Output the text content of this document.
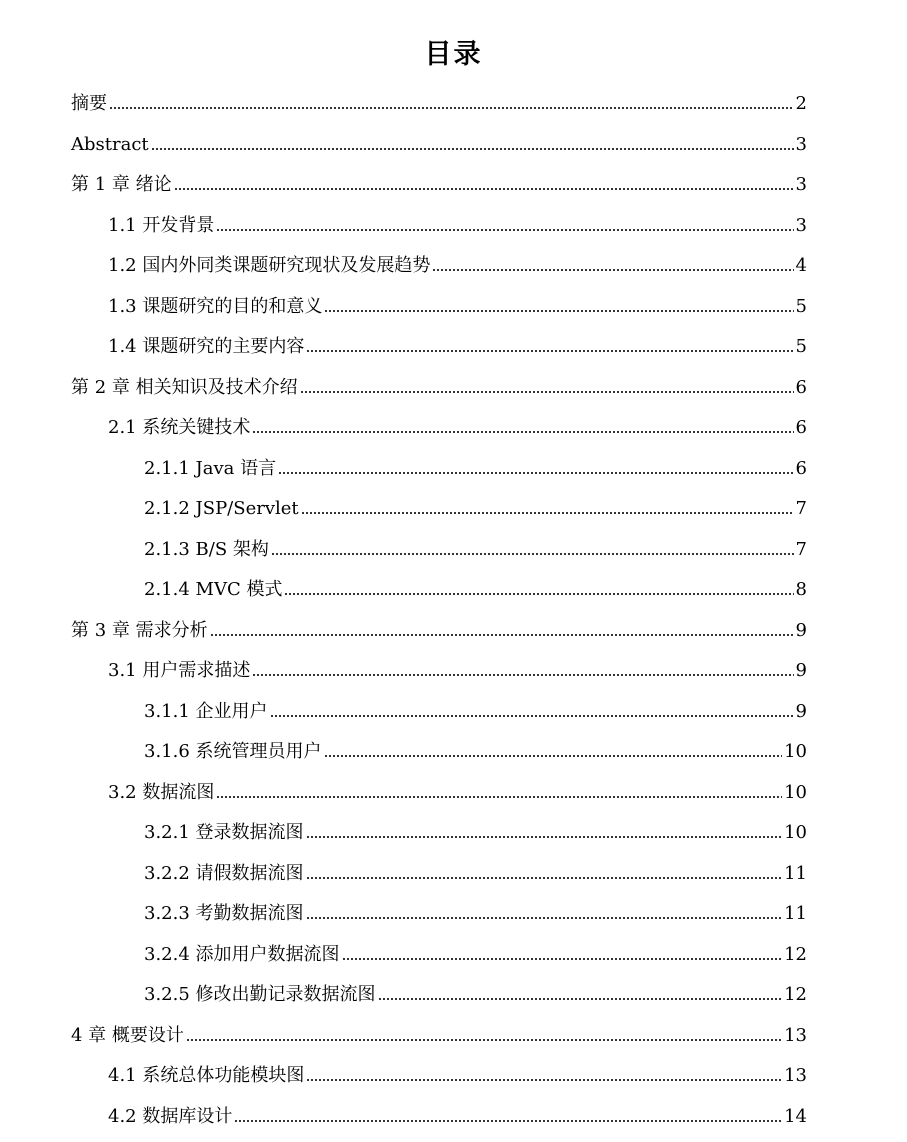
目录
摘要	2
Abstract	3
第 1 章 绪论	3
1.1 开发背景	3
1.2 国内外同类课题研究现状及发展趋势	4
1.3 课题研究的目的和意义	5
1.4 课题研究的主要内容	5
第 2 章 相关知识及技术介绍	6
2.1 系统关键技术	6
2.1.1 Java 语言	6
2.1.2 JSP/Servlet	7
2.1.3 B/S 架构	7
2.1.4 MVC 模式	8
第 3 章 需求分析	9
3.1 用户需求描述	9
3.1.1 企业用户	9
3.1.6 系统管理员用户	10
3.2 数据流图	10
3.2.1 登录数据流图	10
3.2.2 请假数据流图	11
3.2.3 考勤数据流图	11
3.2.4 添加用户数据流图	12
3.2.5 修改出勤记录数据流图	12
4 章 概要设计	13
4.1 系统总体功能模块图	13
4.2 数据库设计	14
